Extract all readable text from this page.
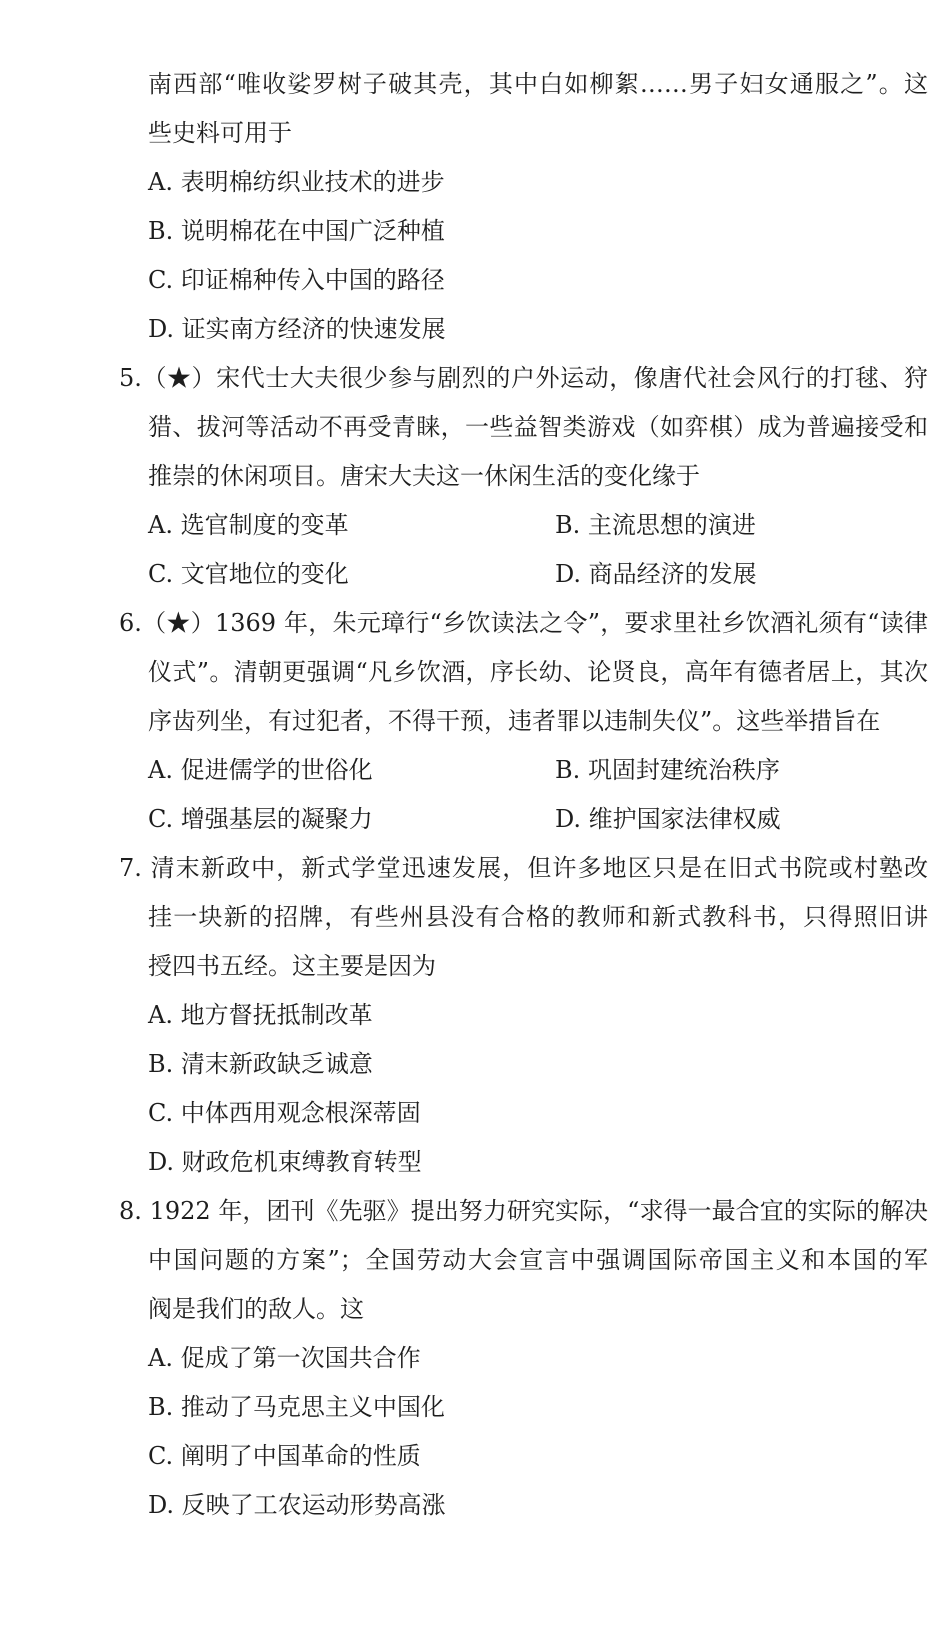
南西部“唯收娑罗树子破其壳，其中白如柳絮……男子妇女通服之”。这
些史料可用于
A. 表明棉纺织业技术的进步
B. 说明棉花在中国广泛种植
C. 印证棉种传入中国的路径
D. 证实南方经济的快速发展
5.（★）宋代士大夫很少参与剧烈的户外运动，像唐代社会风行的打毬、狩
猎、拔河等活动不再受青睐，一些益智类游戏（如弈棋）成为普遍接受和
推崇的休闲项目。唐宋大夫这一休闲生活的变化缘于
A. 选官制度的变革	B. 主流思想的演进
C. 文官地位的变化	D. 商品经济的发展
6.（★）1369 年，朱元璋行“乡饮读法之令”，要求里社乡饮酒礼须有“读律
仪式”。清朝更强调“凡乡饮酒，序长幼、论贤良，高年有德者居上，其次
序齿列坐，有过犯者，不得干预，违者罪以违制失仪”。这些举措旨在
A. 促进儒学的世俗化	B. 巩固封建统治秩序
C. 增强基层的凝聚力	D. 维护国家法律权威
7. 清末新政中，新式学堂迅速发展，但许多地区只是在旧式书院或村塾改
挂一块新的招牌，有些州县没有合格的教师和新式教科书，只得照旧讲
授四书五经。这主要是因为
A. 地方督抚抵制改革
B. 清末新政缺乏诚意
C. 中体西用观念根深蒂固
D. 财政危机束缚教育转型
8. 1922 年，团刊《先驱》提出努力研究实际，“求得一最合宜的实际的解决
中国问题的方案”；全国劳动大会宣言中强调国际帝国主义和本国的军
阀是我们的敌人。这
A. 促成了第一次国共合作
B. 推动了马克思主义中国化
C. 阐明了中国革命的性质
D. 反映了工农运动形势高涨
